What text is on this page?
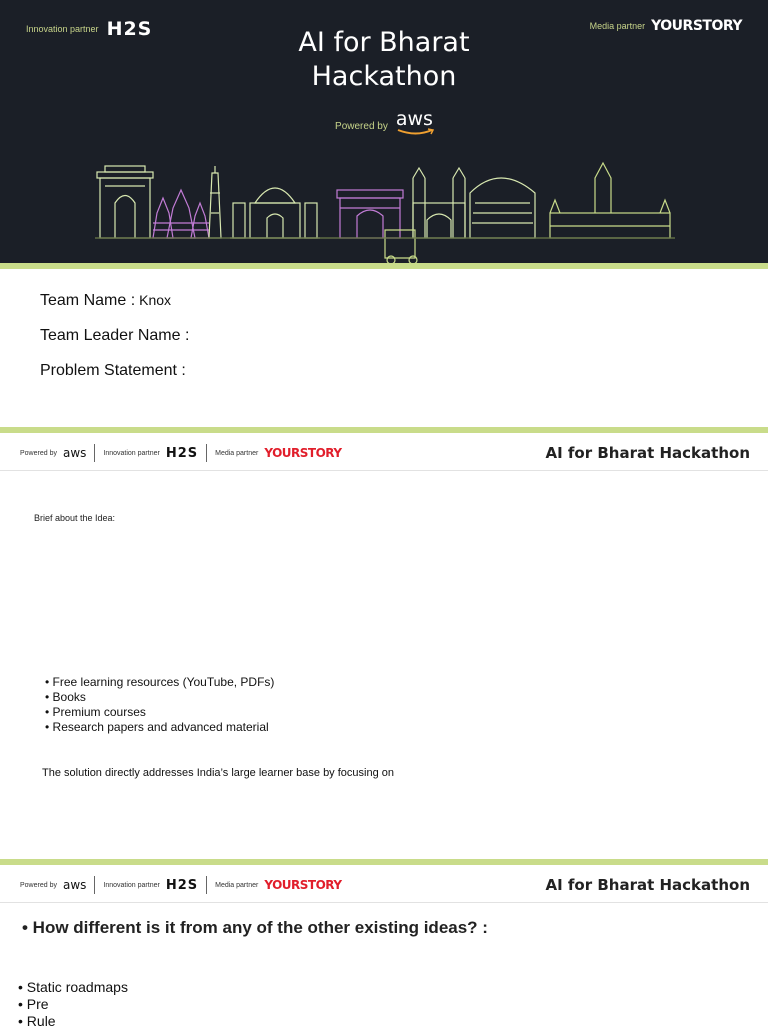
Innovation partner H2S	Media partner YOURSTORY
AI for Bharat
Hackathon
Powered by aws
Team Name : Knox
Team Leader Name :
Problem Statement :
Powered by aws Innovation partner H2S Media partner YOURSTORY	AI for Bharat Hackathon
Brief about the Idea:
• Free learning resources (YouTube, PDFs)
• Books
• Premium courses
• Research papers and advanced material
The solution directly addresses India’s large learner base by focusing on
Powered by aws Innovation partner H2S Media partner YOURSTORY	AI for Bharat Hackathon
• How different is it from any of the other existing ideas? :
• Static roadmaps
• Pre
• Rule
